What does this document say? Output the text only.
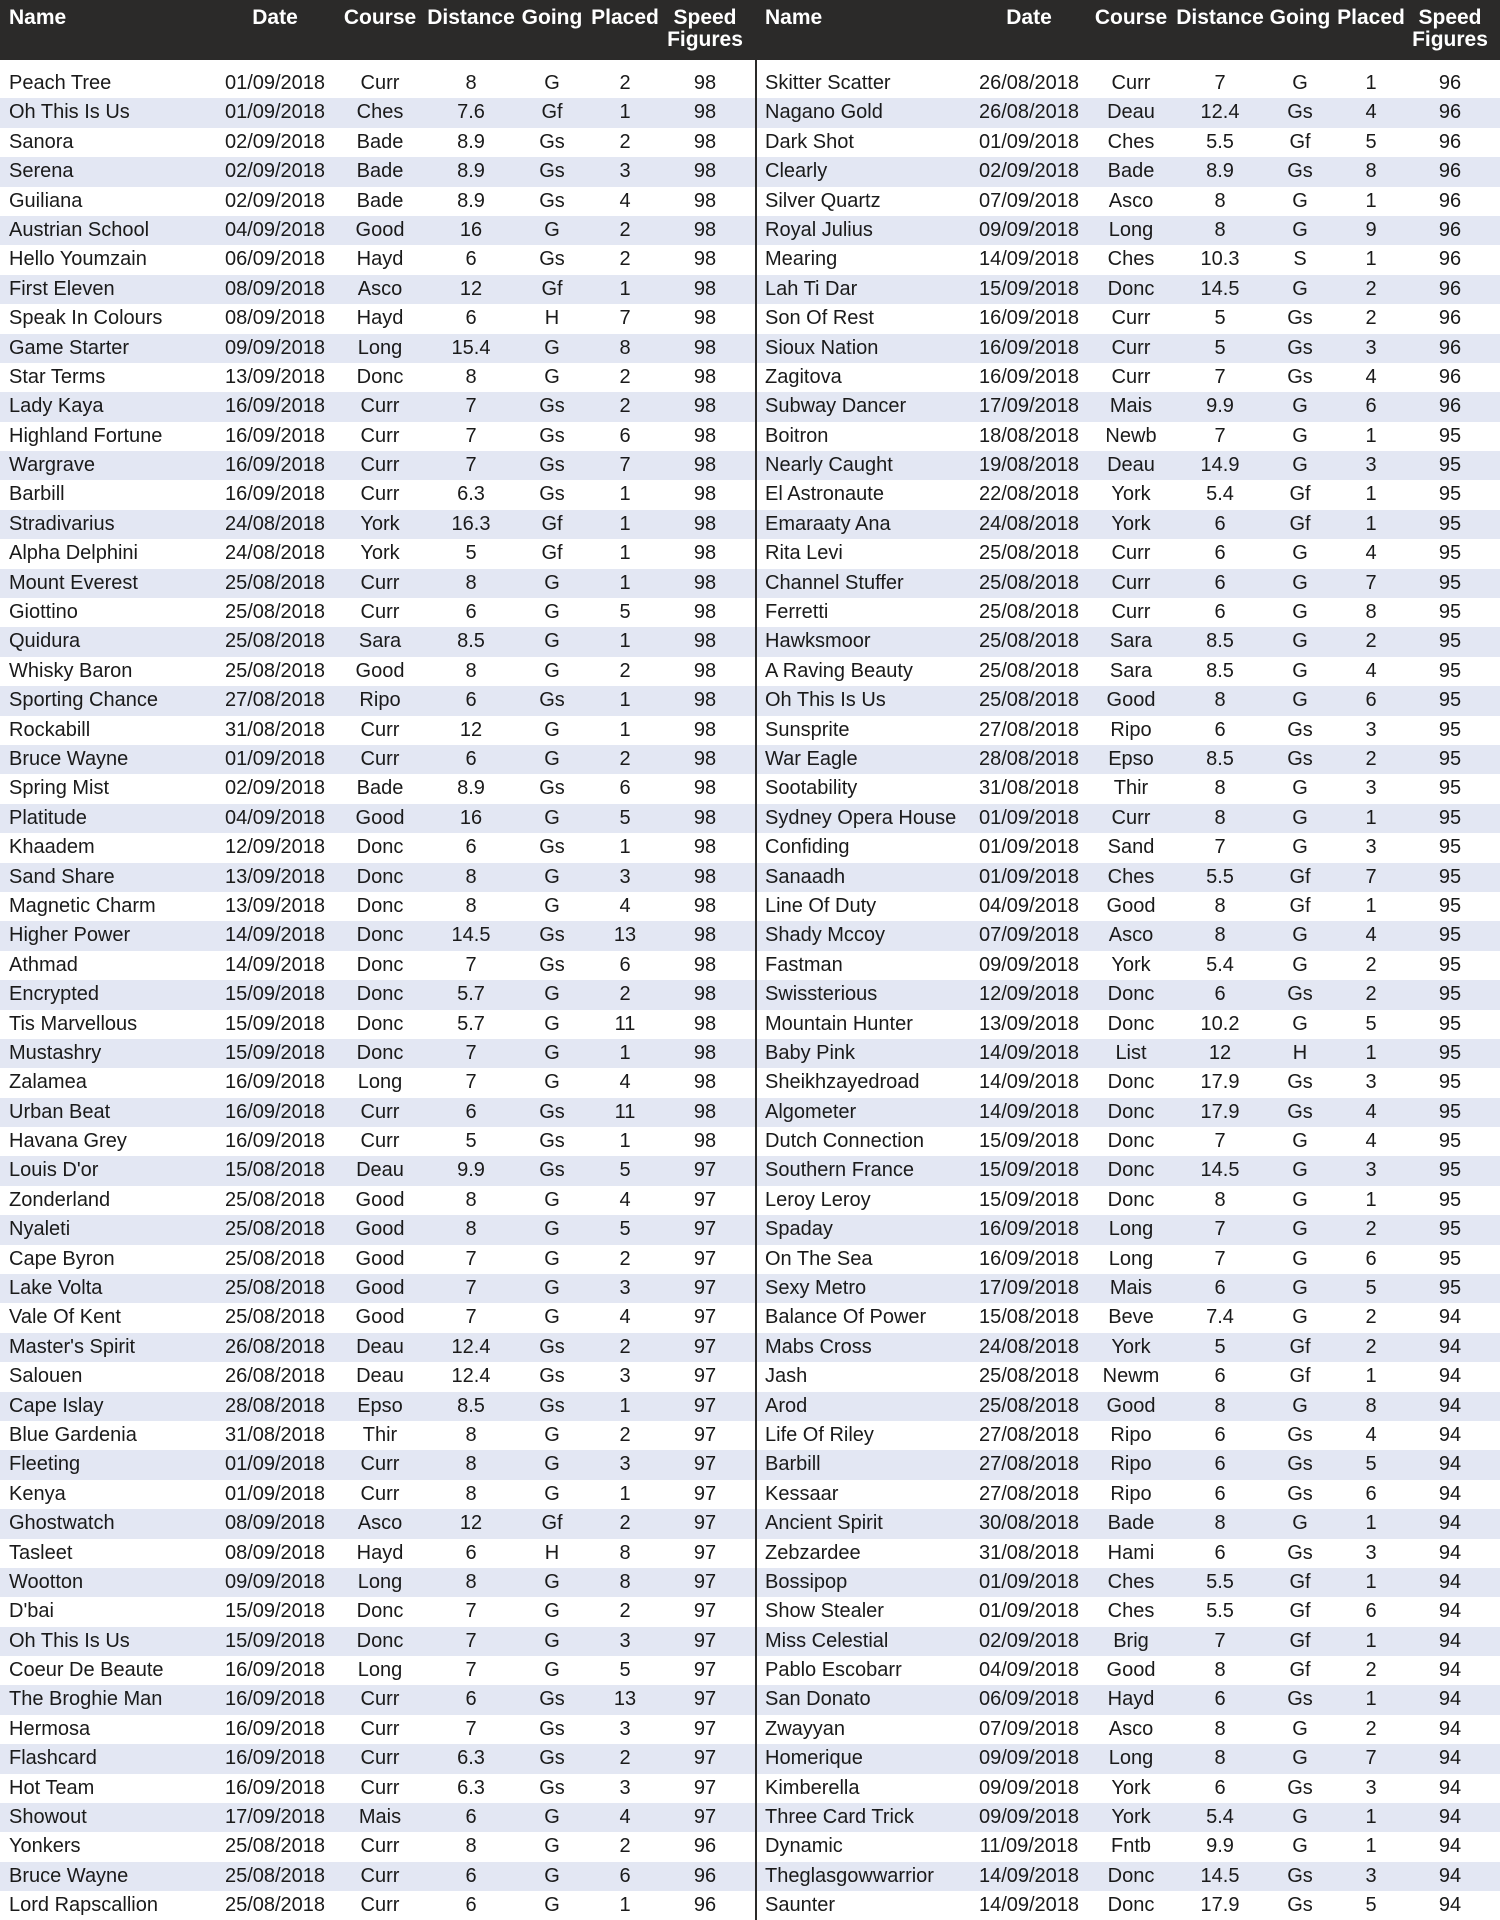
Name	Date Course Distance Going Placed Speed
Figures
Peach Tree	01/09/2018 Curr	8	G	2	98
Oh This Is Us	01/09/2018 Ches	7.6	Gf	1	98
Sanora	02/09/2018 Bade	8.9	Gs	2	98
Serena	02/09/2018 Bade	8.9	Gs	3	98
Guiliana	02/09/2018 Bade	8.9	Gs	4	98
Austrian School	04/09/2018 Good	16	G	2	98
Hello Youmzain	06/09/2018 Hayd	6	Gs	2	98
First Eleven	08/09/2018 Asco	12	Gf	1	98
Speak In Colours	08/09/2018 Hayd	6	H	7	98
Game Starter	09/09/2018 Long 15.4	G	8	98
Star Terms	13/09/2018 Donc	8	G	2	98
Lady Kaya	16/09/2018 Curr	7	Gs	2	98
Highland Fortune	16/09/2018 Curr	7	Gs	6	98
Wargrave	16/09/2018 Curr	7	Gs	7	98
Barbill	16/09/2018 Curr	6.3	Gs	1	98
Stradivarius	24/08/2018 York	16.3	Gf	1	98
Alpha Delphini	24/08/2018 York	5	Gf	1	98
Mount Everest	25/08/2018 Curr	8	G	1	98
Giottino	25/08/2018 Curr	6	G	5	98
Quidura	25/08/2018 Sara	8.5	G	1	98
Whisky Baron	25/08/2018 Good	8	G	2	98
Sporting Chance	27/08/2018 Ripo	6	Gs	1	98
Rockabill	31/08/2018 Curr	12	G	1	98
Bruce Wayne	01/09/2018 Curr	6	G	2	98
Spring Mist	02/09/2018 Bade	8.9	Gs	6	98
Platitude	04/09/2018 Good	16	G	5	98
Khaadem	12/09/2018 Donc	6	Gs	1	98
Sand Share	13/09/2018 Donc	8	G	3	98
Magnetic Charm	13/09/2018 Donc	8	G	4	98
Higher Power	14/09/2018 Donc 14.5 Gs 13	98
Athmad	14/09/2018 Donc	7	Gs	6	98
Encrypted	15/09/2018 Donc	5.7	G	2	98
Tis Marvellous	15/09/2018 Donc	5.7	G	11	98
Mustashry	15/09/2018 Donc	7	G	1	98
Zalamea	16/09/2018 Long	7	G	4	98
Urban Beat	16/09/2018 Curr	6	Gs 11	98
Havana Grey	16/09/2018 Curr	5	Gs	1	98
Louis D'or	15/08/2018 Deau	9.9	Gs	5	97
Zonderland	25/08/2018 Good	8	G	4	97
Nyaleti	25/08/2018 Good	8	G	5	97
Cape Byron	25/08/2018 Good	7	G	2	97
Lake Volta	25/08/2018 Good	7	G	3	97
Vale Of Kent	25/08/2018 Good	7	G	4	97
Master's Spirit	26/08/2018 Deau 12.4 Gs	2	97
Salouen	26/08/2018 Deau 12.4 Gs	3	97
Cape Islay	28/08/2018 Epso	8.5	Gs	1	97
Blue Gardenia	31/08/2018 Thir	8	G	2	97
Fleeting	01/09/2018 Curr	8	G	3	97
Kenya	01/09/2018 Curr	8	G	1	97
Ghostwatch	08/09/2018 Asco	12	Gf	2	97
Tasleet	08/09/2018 Hayd	6	H	8	97
Wootton	09/09/2018 Long	8	G	8	97
D'bai	15/09/2018 Donc	7	G	2	97
Oh This Is Us	15/09/2018 Donc	7	G	3	97
Coeur De Beaute	16/09/2018 Long	7	G	5	97
The Broghie Man	16/09/2018 Curr	6	Gs 13	97
Hermosa	16/09/2018 Curr	7	Gs	3	97
Flashcard	16/09/2018 Curr	6.3	Gs	2	97
Hot Team	16/09/2018 Curr	6.3	Gs	3	97
Showout	17/09/2018 Mais	6	G	4	97
Yonkers	25/08/2018 Curr	8	G	2	96
Bruce Wayne	25/08/2018 Curr	6	G	6	96
Lord Rapscallion	25/08/2018 Curr	6	G	1	96
Name	Date Course Distance Going Placed Speed
Figures
Skitter Scatter	26/08/2018 Curr	7	G	1	96
Nagano Gold	26/08/2018 Deau 12.4 Gs	4	96
Dark Shot	01/09/2018 Ches	5.5	Gf	5	96
Clearly	02/09/2018 Bade	8.9	Gs	8	96
Silver Quartz	07/09/2018 Asco	8	G	1	96
Royal Julius	09/09/2018 Long	8	G	9	96
Mearing	14/09/2018 Ches 10.3	S	1	96
Lah Ti Dar	15/09/2018 Donc 14.5	G	2	96
Son Of Rest	16/09/2018 Curr	5	Gs	2	96
Sioux Nation	16/09/2018 Curr	5	Gs	3	96
Zagitova	16/09/2018 Curr	7	Gs	4	96
Subway Dancer	17/09/2018 Mais	9.9	G	6	96
Boitron	18/08/2018 Newb	7	G	1	95
Nearly Caught	19/08/2018 Deau 14.9	G	3	95
El Astronaute	22/08/2018 York	5.4	Gf	1	95
Emaraaty Ana	24/08/2018 York	6	Gf	1	95
Rita Levi	25/08/2018 Curr	6	G	4	95
Channel Stuffer	25/08/2018 Curr	6	G	7	95
Ferretti	25/08/2018 Curr	6	G	8	95
Hawksmoor	25/08/2018 Sara	8.5	G	2	95
A Raving Beauty	25/08/2018 Sara	8.5	G	4	95
Oh This Is Us	25/08/2018 Good	8	G	6	95
Sunsprite	27/08/2018 Ripo	6	Gs	3	95
War Eagle	28/08/2018 Epso	8.5	Gs	2	95
Sootability	31/08/2018 Thir	8	G	3	95
Sydney Opera House 01/09/2018 Curr	8	G	1	95
Confiding	01/09/2018 Sand	7	G	3	95
Sanaadh	01/09/2018 Ches	5.5	Gf	7	95
Line Of Duty	04/09/2018 Good	8	Gf	1	95
Shady Mccoy	07/09/2018 Asco	8	G	4	95
Fastman	09/09/2018 York	5.4	G	2	95
Swissterious	12/09/2018 Donc	6	Gs	2	95
Mountain Hunter	13/09/2018 Donc 10.2	G	5	95
Baby Pink	14/09/2018 List	12	H	1	95
Sheikhzayedroad	14/09/2018 Donc 17.9 Gs	3	95
Algometer	14/09/2018 Donc 17.9 Gs	4	95
Dutch Connection	15/09/2018 Donc	7	G	4	95
Southern France	15/09/2018 Donc 14.5	G	3	95
Leroy Leroy	15/09/2018 Donc	8	G	1	95
Spaday	16/09/2018 Long	7	G	2	95
On The Sea	16/09/2018 Long	7	G	6	95
Sexy Metro	17/09/2018 Mais	6	G	5	95
Balance Of Power	15/08/2018 Beve	7.4	G	2	94
Mabs Cross	24/08/2018 York	5	Gf	2	94
Jash	25/08/2018 Newm	6	Gf	1	94
Arod	25/08/2018 Good	8	G	8	94
Life Of Riley	27/08/2018 Ripo	6	Gs	4	94
Barbill	27/08/2018 Ripo	6	Gs	5	94
Kessaar	27/08/2018 Ripo	6	Gs	6	94
Ancient Spirit	30/08/2018 Bade	8	G	1	94
Zebzardee	31/08/2018 Hami	6	Gs	3	94
Bossipop	01/09/2018 Ches	5.5	Gf	1	94
Show Stealer	01/09/2018 Ches	5.5	Gf	6	94
Miss Celestial	02/09/2018 Brig	7	Gf	1	94
Pablo Escobarr	04/09/2018 Good	8	Gf	2	94
San Donato	06/09/2018 Hayd	6	Gs	1	94
Zwayyan	07/09/2018 Asco	8	G	2	94
Homerique	09/09/2018 Long	8	G	7	94
Kimberella	09/09/2018 York	6	Gs	3	94
Three Card Trick	09/09/2018 York	5.4	G	1	94
Dynamic	11/09/2018 Fntb	9.9	G	1	94
Theglasgowwarrior 14/09/2018 Donc 14.5 Gs	3	94
Saunter	14/09/2018 Donc 17.9 Gs	5	94
